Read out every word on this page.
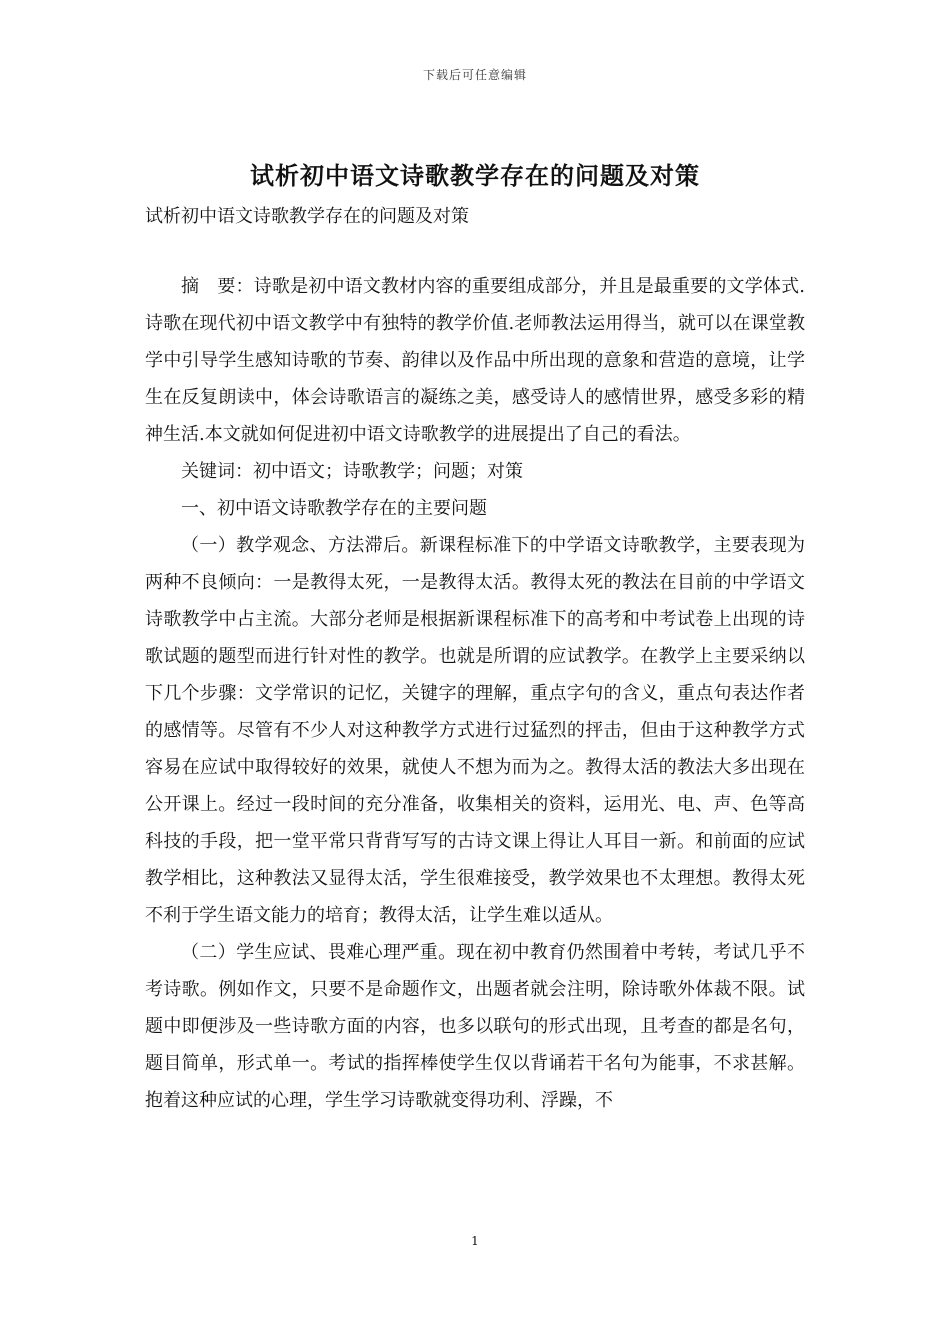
下载后可任意编辑
试析初中语文诗歌教学存在的问题及对策
试析初中语文诗歌教学存在的问题及对策

摘　要：诗歌是初中语文教材内容的重要组成部分，并且是最重要的文学体式.诗歌在现代初中语文教学中有独特的教学价值.老师教法运用得当，就可以在课堂教学中引导学生感知诗歌的节奏、韵律以及作品中所出现的意象和营造的意境，让学生在反复朗读中，体会诗歌语言的凝练之美，感受诗人的感情世界，感受多彩的精神生活.本文就如何促进初中语文诗歌教学的进展提出了自己的看法。

关键词：初中语文；诗歌教学；问题；对策

一、初中语文诗歌教学存在的主要问题

（一）教学观念、方法滞后。新课程标准下的中学语文诗歌教学，主要表现为两种不良倾向：一是教得太死，一是教得太活。教得太死的教法在目前的中学语文诗歌教学中占主流。大部分老师是根据新课程标准下的高考和中考试卷上出现的诗歌试题的题型而进行针对性的教学。也就是所谓的应试教学。在教学上主要采纳以下几个步骤：文学常识的记忆，关键字的理解，重点字句的含义，重点句表达作者的感情等。尽管有不少人对这种教学方式进行过猛烈的抨击，但由于这种教学方式容易在应试中取得较好的效果，就使人不想为而为之。教得太活的教法大多出现在公开课上。经过一段时间的充分准备，收集相关的资料，运用光、电、声、色等高科技的手段，把一堂平常只背背写写的古诗文课上得让人耳目一新。和前面的应试教学相比，这种教法又显得太活，学生很难接受，教学效果也不太理想。教得太死不利于学生语文能力的培育；教得太活，让学生难以适从。

（二）学生应试、畏难心理严重。现在初中教育仍然围着中考转，考试几乎不考诗歌。例如作文，只要不是命题作文，出题者就会注明，除诗歌外体裁不限。试题中即便涉及一些诗歌方面的内容，也多以联句的形式出现，且考查的都是名句，题目简单，形式单一。考试的指挥棒使学生仅以背诵若干名句为能事，不求甚解。抱着这种应试的心理，学生学习诗歌就变得功利、浮躁，不

1
